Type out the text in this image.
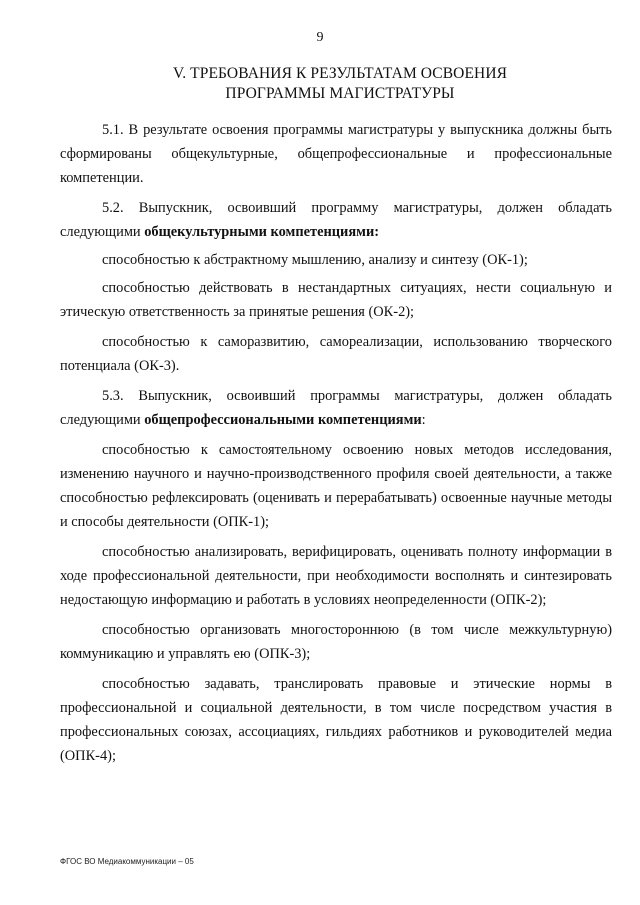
9
V. ТРЕБОВАНИЯ К РЕЗУЛЬТАТАМ ОСВОЕНИЯ
ПРОГРАММЫ МАГИСТРАТУРЫ

5.1. В результате освоения программы магистратуры у выпускника должны быть сформированы общекультурные, общепрофессиональные и профессиональные компетенции.

5.2. Выпускник, освоивший программу магистратуры, должен обладать следующими общекультурными компетенциями:

способностью к абстрактному мышлению, анализу и синтезу (ОК-1);

способностью действовать в нестандартных ситуациях, нести социальную и этическую ответственность за принятые решения (ОК-2);

способностью к саморазвитию, самореализации, использованию творческого потенциала (ОК-3).

5.3. Выпускник, освоивший программы магистратуры, должен обладать следующими общепрофессиональными компетенциями:

способностью к самостоятельному освоению новых методов исследования, изменению научного и научно-производственного профиля своей деятельности, а также способностью рефлексировать (оценивать и перерабатывать) освоенные научные методы и способы деятельности (ОПК-1);

способностью анализировать, верифицировать, оценивать полноту информации в ходе профессиональной деятельности, при необходимости восполнять и синтезировать недостающую информацию и работать в условиях неопределенности (ОПК-2);

способностью организовать многостороннюю (в том числе межкультурную) коммуникацию и управлять ею (ОПК-3);

способностью задавать, транслировать правовые и этические нормы в профессиональной и социальной деятельности, в том числе посредством участия в профессиональных союзах, ассоциациях, гильдиях работников и руководителей медиа (ОПК-4);

ФГОС ВО Медиакоммуникации – 05
